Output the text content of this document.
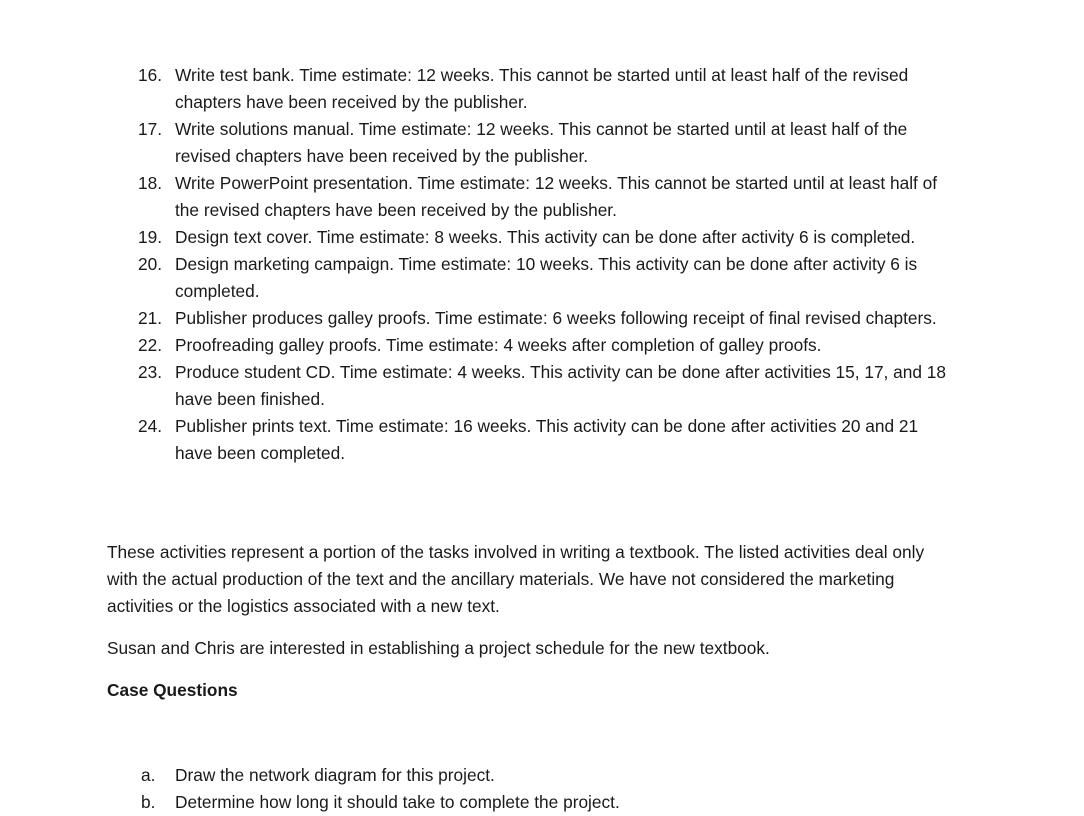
16. Write test bank. Time estimate: 12 weeks. This cannot be started until at least half of the revised chapters have been received by the publisher.
17. Write solutions manual. Time estimate: 12 weeks. This cannot be started until at least half of the revised chapters have been received by the publisher.
18. Write PowerPoint presentation. Time estimate: 12 weeks. This cannot be started until at least half of the revised chapters have been received by the publisher.
19. Design text cover. Time estimate: 8 weeks. This activity can be done after activity 6 is completed.
20. Design marketing campaign. Time estimate: 10 weeks. This activity can be done after activity 6 is completed.
21. Publisher produces galley proofs. Time estimate: 6 weeks following receipt of final revised chapters.
22. Proofreading galley proofs. Time estimate: 4 weeks after completion of galley proofs.
23. Produce student CD. Time estimate: 4 weeks. This activity can be done after activities 15, 17, and 18 have been finished.
24. Publisher prints text. Time estimate: 16 weeks. This activity can be done after activities 20 and 21 have been completed.

These activities represent a portion of the tasks involved in writing a textbook. The listed activities deal only with the actual production of the text and the ancillary materials. We have not considered the marketing activities or the logistics associated with a new text.

Susan and Chris are interested in establishing a project schedule for the new textbook.

Case Questions
a. Draw the network diagram for this project.
b. Determine how long it should take to complete the project.
